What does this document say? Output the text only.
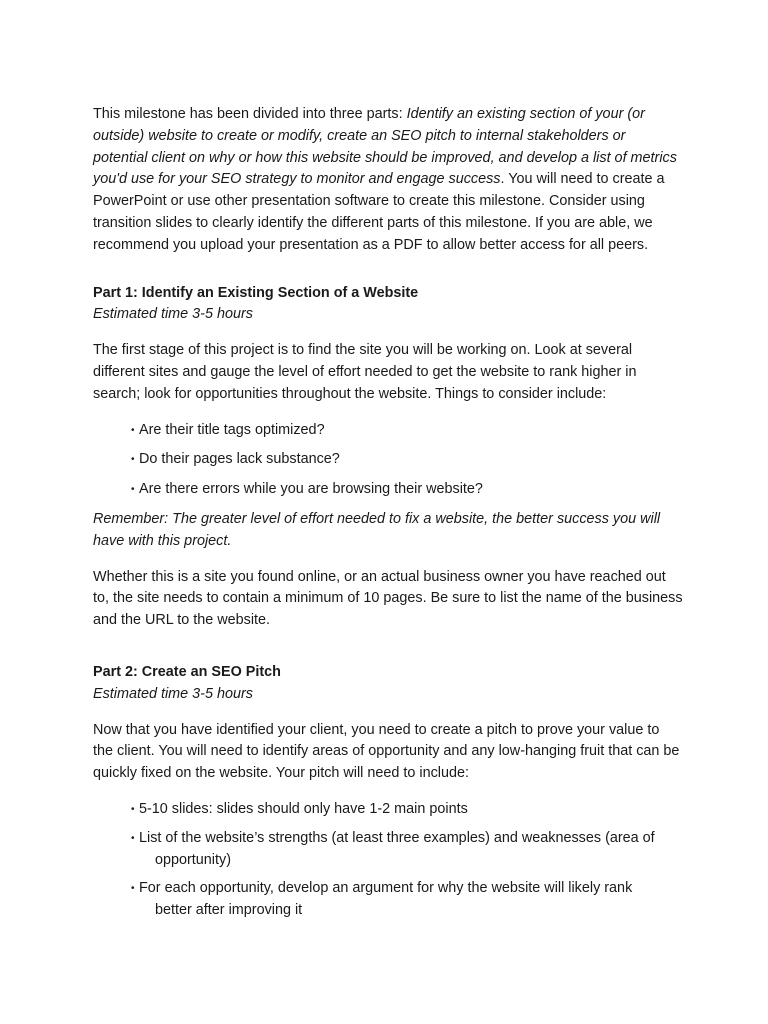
This milestone has been divided into three parts: Identify an existing section of your (or outside) website to create or modify, create an SEO pitch to internal stakeholders or potential client on why or how this website should be improved, and develop a list of metrics you'd use for your SEO strategy to monitor and engage success. You will need to create a PowerPoint or use other presentation software to create this milestone. Consider using transition slides to clearly identify the different parts of this milestone. If you are able, we recommend you upload your presentation as a PDF to allow better access for all peers.

Part 1: Identify an Existing Section of a Website

Estimated time 3-5 hours

The first stage of this project is to find the site you will be working on. Look at several different sites and gauge the level of effort needed to get the website to rank higher in search; look for opportunities throughout the website. Things to consider include:

• Are their title tags optimized?
• Do their pages lack substance?
• Are there errors while you are browsing their website?

Remember: The greater level of effort needed to fix a website, the better success you will have with this project.

Whether this is a site you found online, or an actual business owner you have reached out to, the site needs to contain a minimum of 10 pages. Be sure to list the name of the business and the URL to the website.

Part 2: Create an SEO Pitch

Estimated time 3-5 hours

Now that you have identified your client, you need to create a pitch to prove your value to the client. You will need to identify areas of opportunity and any low-hanging fruit that can be quickly fixed on the website. Your pitch will need to include:

• 5-10 slides: slides should only have 1-2 main points
• List of the website’s strengths (at least three examples) and weaknesses (area of
opportunity)
• For each opportunity, develop an argument for why the website will likely rank
better after improving it
